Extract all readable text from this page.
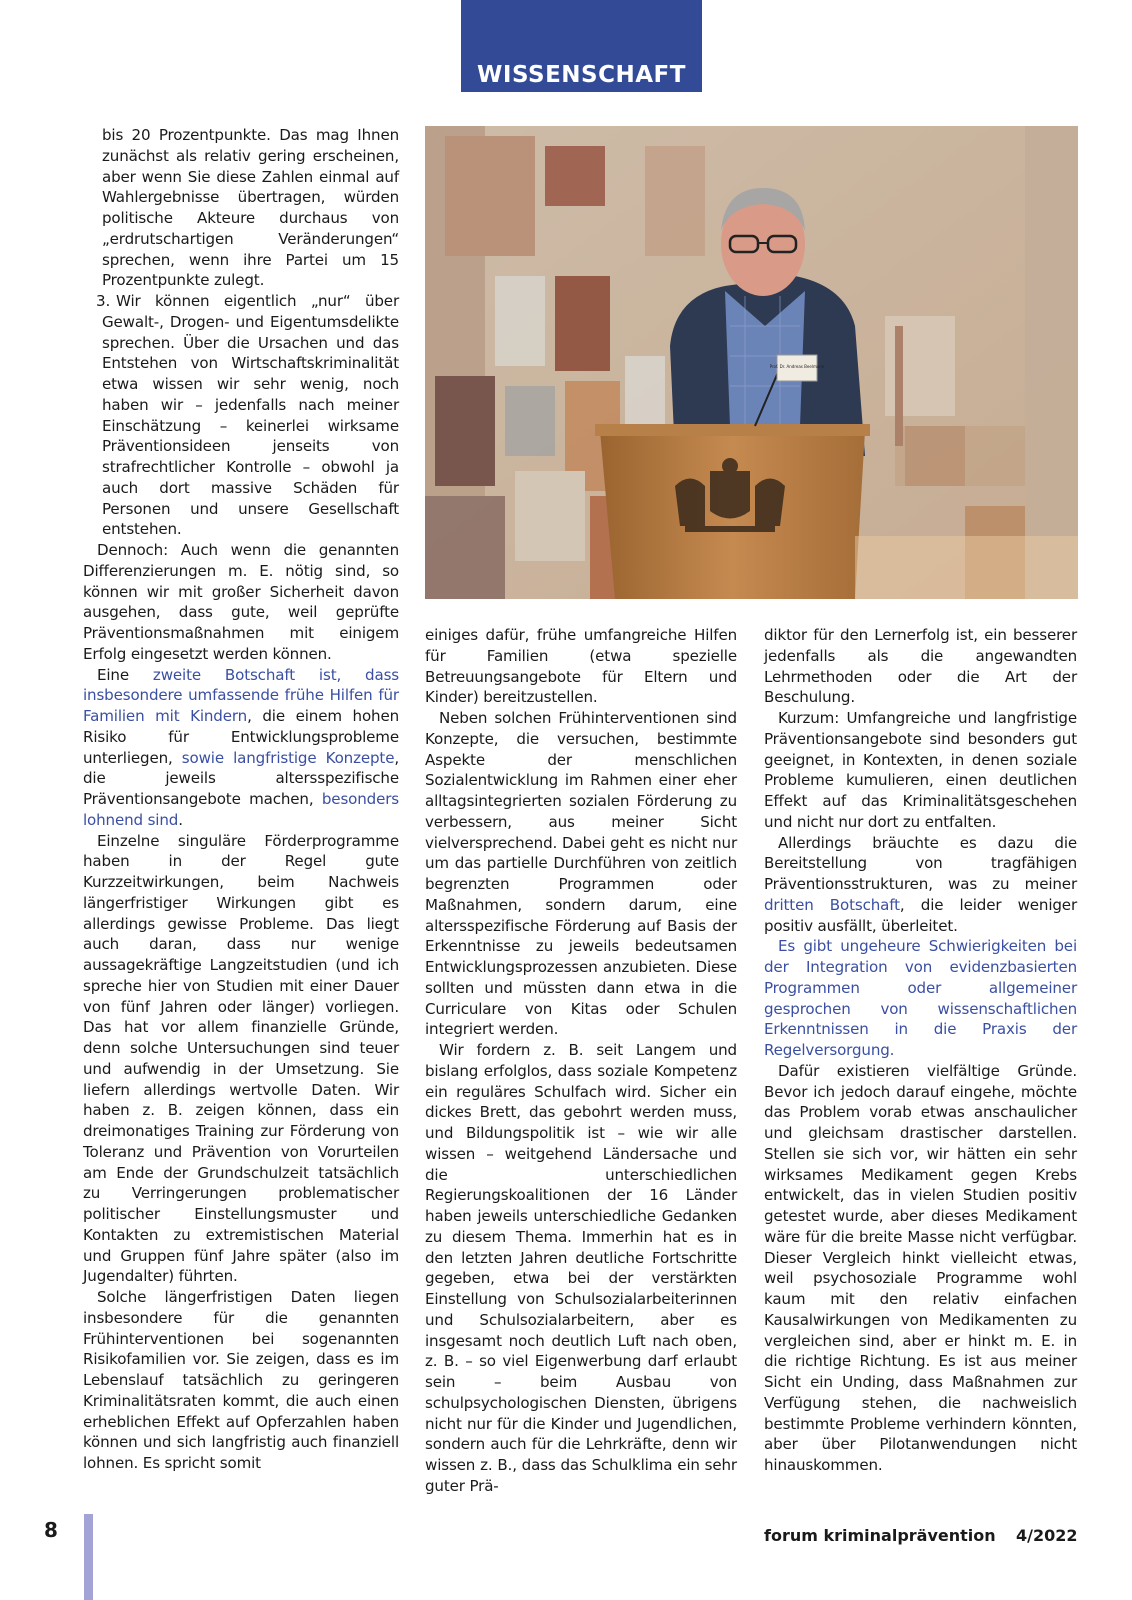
WISSENSCHAFT

bis 20 Prozentpunkte. Das mag Ihnen zunächst als relativ gering erscheinen, aber wenn Sie diese Zahlen einmal auf Wahlergebnisse übertragen, würden politische Akteure durchaus von „erdrutschartigen Veränderungen“ sprechen, wenn ihre Partei um 15 Prozentpunkte zulegt.

3. Wir können eigentlich „nur“ über Gewalt-, Drogen- und Eigentumsdelikte sprechen. Über die Ursachen und das Entstehen von Wirtschaftskriminalität etwa wissen wir sehr wenig, noch haben wir – jedenfalls nach meiner Einschätzung – keinerlei wirksame Präventionsideen jenseits von strafrechtlicher Kontrolle – obwohl ja auch dort massive Schäden für Personen und unsere Gesellschaft entstehen.

Dennoch: Auch wenn die genannten Differenzierungen m. E. nötig sind, so können wir mit großer Sicherheit davon ausgehen, dass gute, weil geprüfte Präventionsmaßnahmen mit einigem Erfolg eingesetzt werden können.

Eine zweite Botschaft ist, dass insbesondere umfassende frühe Hilfen für Familien mit Kindern, die einem hohen Risiko für Entwicklungsprobleme unterliegen, sowie langfristige Konzepte, die jeweils altersspezifische Präventionsangebote machen, besonders lohnend sind.

Einzelne singuläre Förderprogramme haben in der Regel gute Kurzzeitwirkungen, beim Nachweis längerfristiger Wirkungen gibt es allerdings gewisse Probleme. Das liegt auch daran, dass nur wenige aussagekräftige Langzeitstudien (und ich spreche hier von Studien mit einer Dauer von fünf Jahren oder länger) vorliegen. Das hat vor allem finanzielle Gründe, denn solche Untersuchungen sind teuer und aufwendig in der Umsetzung. Sie liefern allerdings wertvolle Daten. Wir haben z. B. zeigen können, dass ein dreimonatiges Training zur Förderung von Toleranz und Prävention von Vorurteilen am Ende der Grundschulzeit tatsächlich zu Verringerungen problematischer politischer Einstellungsmuster und Kontakten zu extremistischen Material und Gruppen fünf Jahre später (also im Jugendalter) führten.

Solche längerfristigen Daten liegen insbesondere für die genannten Frühinterventionen bei sogenannten Risikofamilien vor. Sie zeigen, dass es im Lebenslauf tatsächlich zu geringeren Kriminalitätsraten kommt, die auch einen erheblichen Effekt auf Opferzahlen haben können und sich langfristig auch finanziell lohnen. Es spricht somit

Prof. Dr. Andreas Beelmann

einiges dafür, frühe umfangreiche Hilfen für Familien (etwa spezielle Betreuungsangebote für Eltern und Kinder) bereitzustellen.

Neben solchen Frühinterventionen sind Konzepte, die versuchen, bestimmte Aspekte der menschlichen Sozialentwicklung im Rahmen einer eher alltagsintegrierten sozialen Förderung zu verbessern, aus meiner Sicht vielversprechend. Dabei geht es nicht nur um das partielle Durchführen von zeitlich begrenzten Programmen oder Maßnahmen, sondern darum, eine altersspezifische Förderung auf Basis der Erkenntnisse zu jeweils bedeutsamen Entwicklungsprozessen anzubieten. Diese sollten und müssten dann etwa in die Curriculare von Kitas oder Schulen integriert werden.

Wir fordern z. B. seit Langem und bislang erfolglos, dass soziale Kompetenz ein reguläres Schulfach wird. Sicher ein dickes Brett, das gebohrt werden muss, und Bildungspolitik ist – wie wir alle wissen – weitgehend Ländersache und die unterschiedlichen Regierungskoalitionen der 16 Länder haben jeweils unterschiedliche Gedanken zu diesem Thema. Immerhin hat es in den letzten Jahren deutliche Fortschritte gegeben, etwa bei der verstärkten Einstellung von Schulsozialarbeiterinnen und Schulsozialarbeitern, aber es insgesamt noch deutlich Luft nach oben, z. B. – so viel Eigenwerbung darf erlaubt sein – beim Ausbau von schulpsychologischen Diensten, übrigens nicht nur für die Kinder und Jugendlichen, sondern auch für die Lehrkräfte, denn wir wissen z. B., dass das Schulklima ein sehr guter Prä-

diktor für den Lernerfolg ist, ein besserer jedenfalls als die angewandten Lehrmethoden oder die Art der Beschulung.

Kurzum: Umfangreiche und langfristige Präventionsangebote sind besonders gut geeignet, in Kontexten, in denen soziale Probleme kumulieren, einen deutlichen Effekt auf das Kriminalitätsgeschehen und nicht nur dort zu entfalten.

Allerdings bräuchte es dazu die Bereitstellung von tragfähigen Präventionsstrukturen, was zu meiner dritten Botschaft, die leider weniger positiv ausfällt, überleitet.

Es gibt ungeheure Schwierigkeiten bei der Integration von evidenzbasierten Programmen oder allgemeiner gesprochen von wissenschaftlichen Erkenntnissen in die Praxis der Regelversorgung.

Dafür existieren vielfältige Gründe. Bevor ich jedoch darauf eingehe, möchte das Problem vorab etwas anschaulicher und gleichsam drastischer darstellen. Stellen sie sich vor, wir hätten ein sehr wirksames Medikament gegen Krebs entwickelt, das in vielen Studien positiv getestet wurde, aber dieses Medikament wäre für die breite Masse nicht verfügbar. Dieser Vergleich hinkt vielleicht etwas, weil psychosoziale Programme wohl kaum mit den relativ einfachen Kausalwirkungen von Medikamenten zu vergleichen sind, aber er hinkt m. E. in die richtige Richtung. Es ist aus meiner Sicht ein Unding, dass Maßnahmen zur Verfügung stehen, die nachweislich bestimmte Probleme verhindern könnten, aber über Pilotanwendungen nicht hinauskommen.

8	forum kriminalprävention 4/2022
